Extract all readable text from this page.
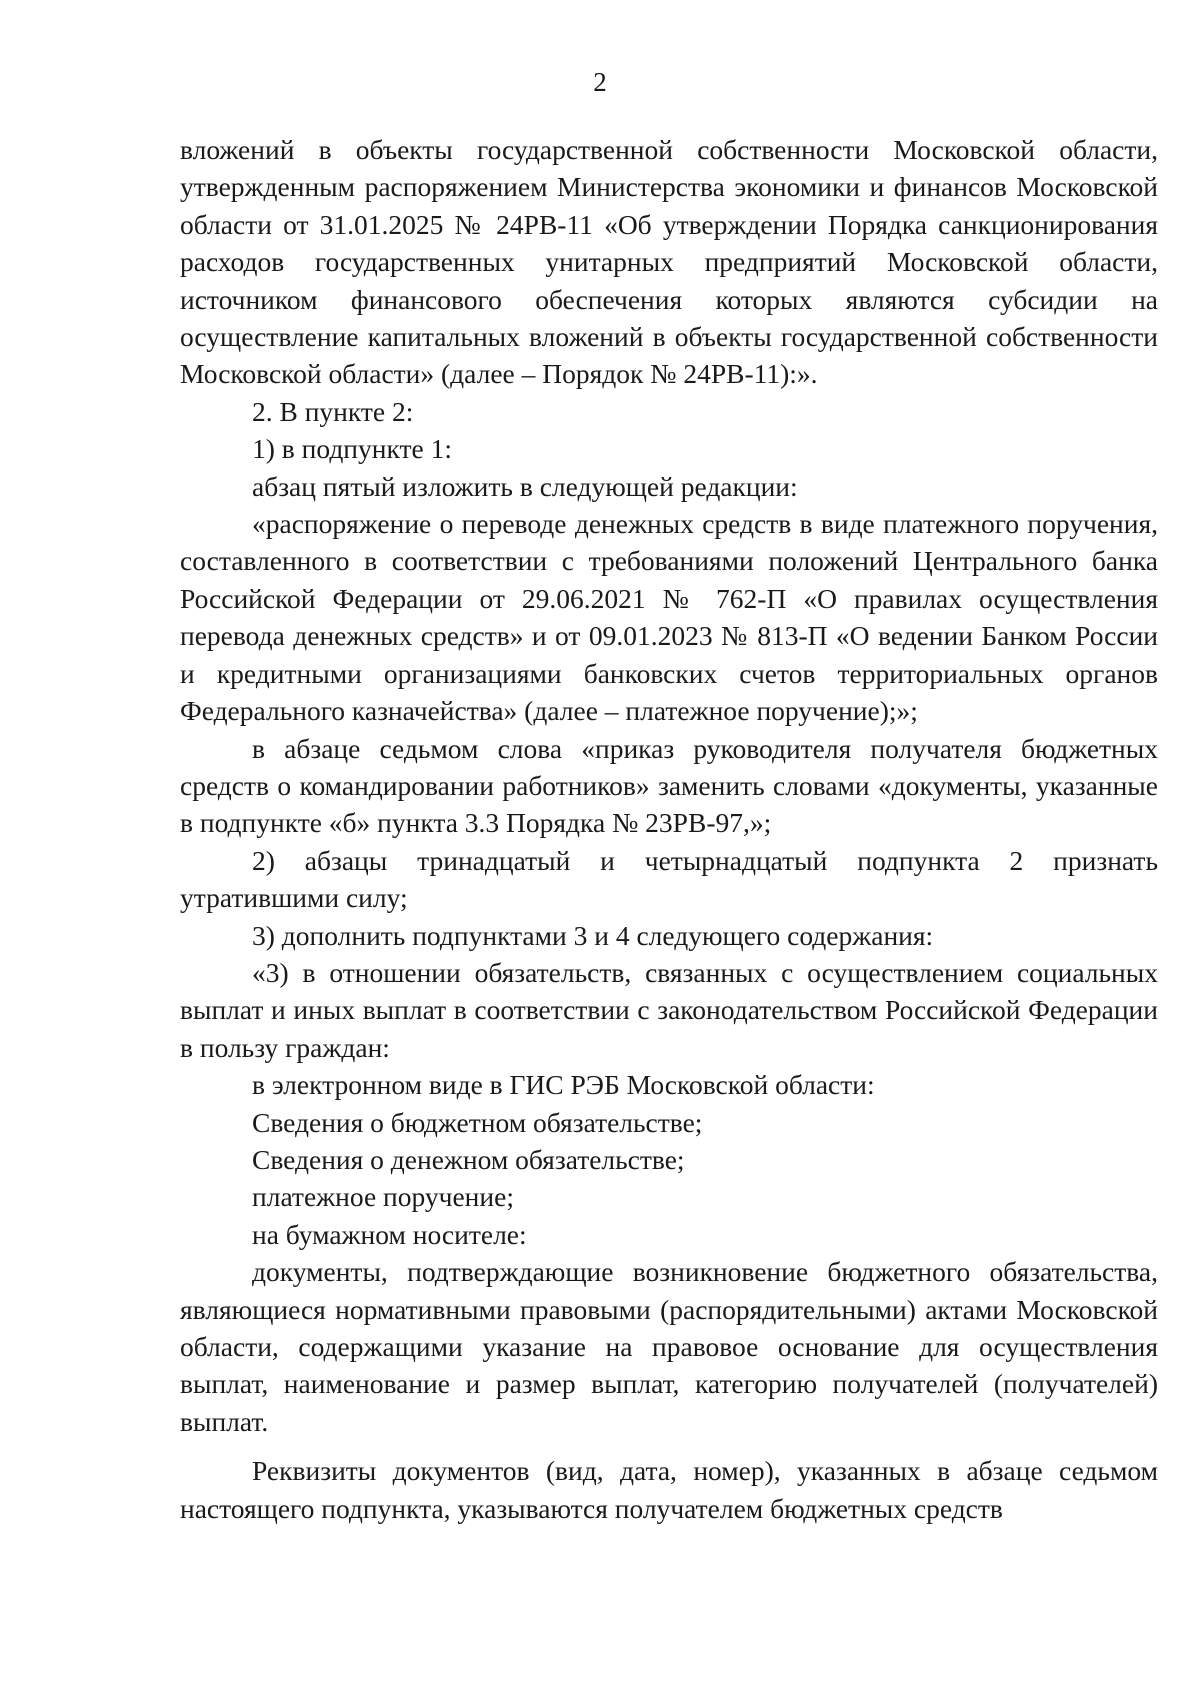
2

вложений в объекты государственной собственности Московской области, утвержденным распоряжением Министерства экономики и финансов Московской области от 31.01.2025 № 24РВ-11 «Об утверждении Порядка санкционирования расходов государственных унитарных предприятий Московской области, источником финансового обеспечения которых являются субсидии на осуществление капитальных вложений в объекты государственной собственности Московской области» (далее – Порядок № 24РВ-11):».

2. В пункте 2:

1) в подпункте 1:

абзац пятый изложить в следующей редакции:

«распоряжение о переводе денежных средств в виде платежного поручения, составленного в соответствии с требованиями положений Центрального банка Российской Федерации от 29.06.2021 № 762-П «О правилах осуществления перевода денежных средств» и от 09.01.2023 № 813-П «О ведении Банком России и кредитными организациями банковских счетов территориальных органов Федерального казначейства» (далее – платежное поручение);»;

в абзаце седьмом слова «приказ руководителя получателя бюджетных средств о командировании работников» заменить словами «документы, указанные в подпункте «б» пункта 3.3 Порядка № 23РВ-97,»;

2) абзацы тринадцатый и четырнадцатый подпункта 2 признать утратившими силу;

3) дополнить подпунктами 3 и 4 следующего содержания:

«3) в отношении обязательств, связанных с осуществлением социальных выплат и иных выплат в соответствии с законодательством Российской Федерации в пользу граждан:

в электронном виде в ГИС РЭБ Московской области:

Сведения о бюджетном обязательстве;

Сведения о денежном обязательстве;

платежное поручение;

на бумажном носителе:

документы, подтверждающие возникновение бюджетного обязательства, являющиеся нормативными правовыми (распорядительными) актами Московской области, содержащими указание на правовое основание для осуществления выплат, наименование и размер выплат, категорию получателей (получателей) выплат.

Реквизиты документов (вид, дата, номер), указанных в абзаце седьмом настоящего подпункта, указываются получателем бюджетных средств
